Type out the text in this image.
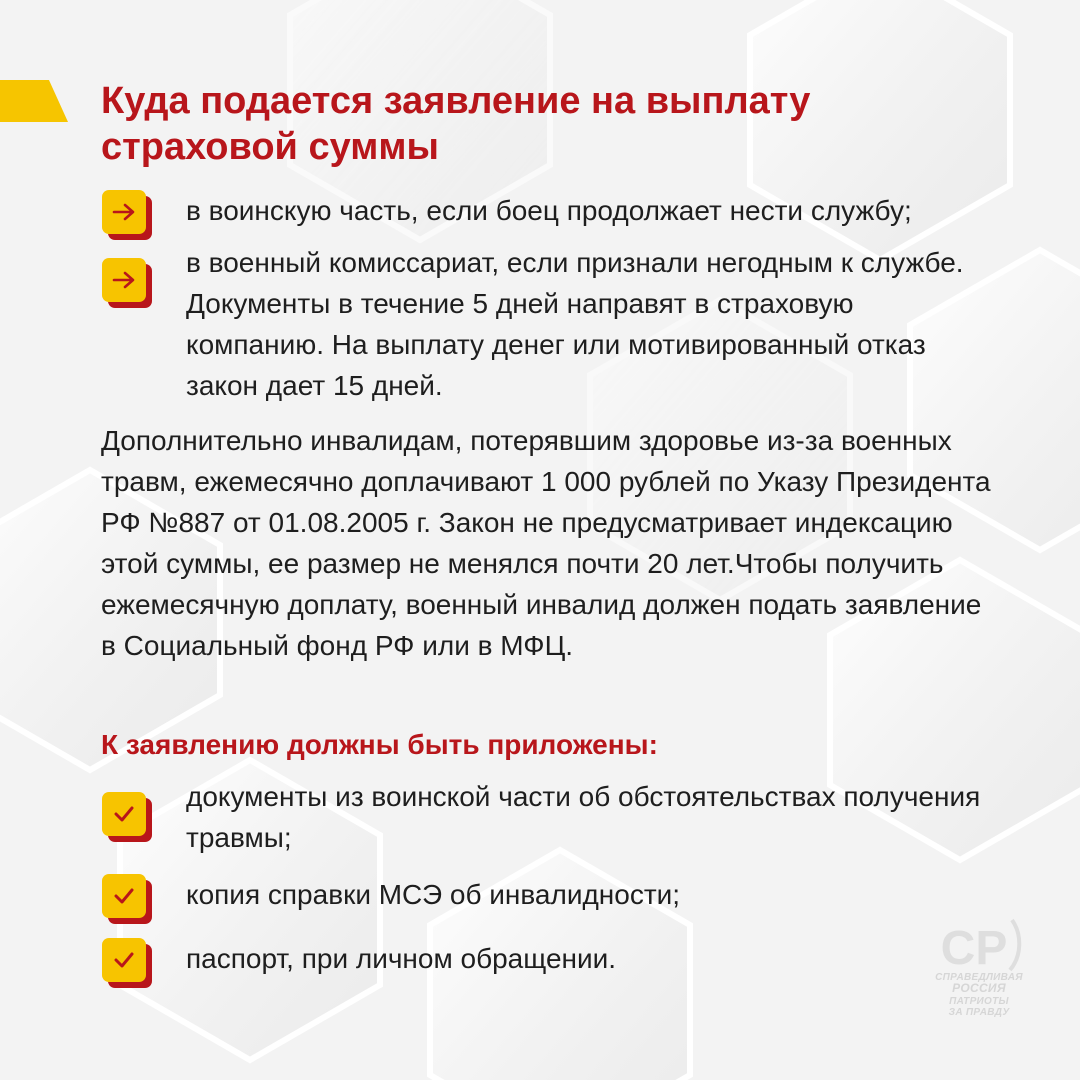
Куда подается заявление на выплату страховой суммы

в воинскую часть, если боец продолжает нести службу;

в военный комиссариат, если признали негодным к службе. Документы в течение 5 дней направят в страховую компанию. На выплату денег или мотивированный отказ закон дает 15 дней.

Дополнительно инвалидам, потерявшим здоровье из-за военных травм, ежемесячно доплачивают 1 000 рублей по Указу Президента РФ №887 от 01.08.2005 г. Закон не предусматривает индексацию этой суммы, ее размер не менялся почти 20 лет.Чтобы получить ежемесячную доплату, военный инвалид должен подать заявление в Социальный фонд РФ или в МФЦ.

К заявлению должны быть приложены:

документы из воинской части об обстоятельствах получения травмы;

копия справки МСЭ об инвалидности;

паспорт, при личном обращении.	СР
СПРАВЕДЛИВАЯ
РОССИЯ
ПАТРИОТЫ
ЗА ПРАВДУ
